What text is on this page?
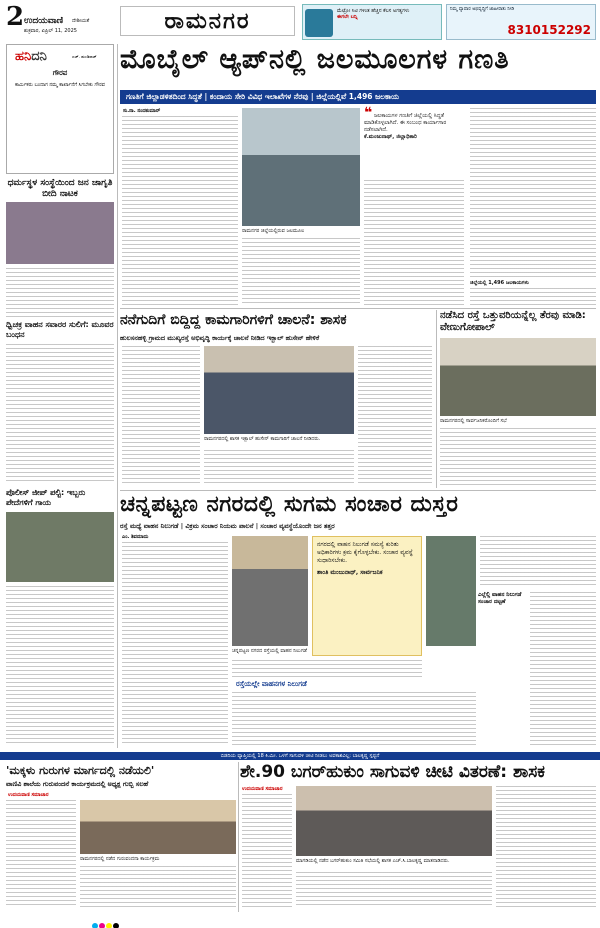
2 ಉದಯವಾಣಿ ದೇಶೀಯತೆ
ಶುಕ್ರವಾರ, ಏಪ್ರಿಲ್ 11, 2025	ರಾಮನಗರ	ಮೆಟ್ರೋ ಸಿಟಿ ಗಳಿಂತ ಹೆಚ್ಚಿನ ಕೆಲಸ ಅಗತ್ಯಗಳು
ಈಗಲೇ ಬನ್ನಿ
ನಿಮ್ಮ ವ್ಯಾಪಾರ ಅಭಿವೃದ್ಧಿಗೆ ಜಾಹೀರಾತು ನೀಡಿ
8310152292
ಹನಿದನಿ	ಎಚ್. ಡುಂಡಿರಾಜ್
ಗೌರವ
ಕಾರ್ಮಿಕರು ಬಂದಾಗ ನಮ್ಮ ಕಾರ್ಖಾನೆಗೆ ಸಿಗಬೇಕು ಗೌರವ
ಧರ್ಮಸ್ಥಳ ಸಂಸ್ಥೆಯಿಂದ ಜನ ಜಾಗೃತಿ ಬೀದಿ ನಾಟಕ
ಧ್ವಿಚಕ್ರ ವಾಹನ ಸವಾರರ ಸುಲಿಗೆ: ಮೂವರ ಬಂಧನ
ಪೊಲೀಸ್ ಜೀಪ್ ಪಲ್ಟಿ: ಇಬ್ಬರು ಪೇದೆಗಳಿಗೆ ಗಾಯ
ಮೊಬೈಲ್ ಆ್ಯಪ್‌ನಲ್ಲಿ ಜಲಮೂಲಗಳ ಗಣತಿ
ಗಣತಿಗೆ ಜಿಲ್ಲಾಡಳಿತದಿಂದ ಸಿದ್ಧತೆ | ಕಂದಾಯ ಸೇರಿ ವಿವಿಧ ಇಲಾಖೆಗಳ ನೆರವು | ಜಿಲ್ಲೆಯಲ್ಲಿವೆ 1,496 ಜಲಕಾಯ
ಸು.ನಾ. ನಂದಕುಮಾರ್
ರಾಮನಗರ ಜಿಲ್ಲೆಯಲ್ಲಿರುವ ಜಲಮೂಲ
❝ ಜಲಕಾಯಗಳ ಗಣತಿಗೆ ಜಿಲ್ಲೆಯಲ್ಲಿ ಸಿದ್ಧತೆ ಮಾಡಿಕೊಳ್ಳಲಾಗಿದೆ. ಈ ಸಂಬಂಧ ಕಾರ್ಯಾಗಾರ ನಡೆಸಲಾಗಿದೆ.
ಕೆ.ಮಂಜುನಾಥ್, ಜಿಲ್ಲಾಧಿಕಾರಿ
ಜಿಲ್ಲೆಯಲ್ಲಿ 1,496 ಜಲಕಾಯಗಳು
ನನೆಗುದಿಗೆ ಬಿದ್ದಿದ್ದ ಕಾಮಗಾರಿಗಳಿಗೆ ಚಾಲನೆ: ಶಾಸಕ
ಹುಲಸನಹಳ್ಳಿ ಗ್ರಾಮದ ಮುಖ್ಯರಸ್ತೆ ಅಭಿವೃದ್ಧಿ ಕಾರ್ಯಕ್ಕೆ ಚಾಲನೆ ನೀಡಿದ ಇಕ್ಬಾಲ್ ಹುಸೇನ್ ಹೇಳಿಕೆ
ರಾಮನಗರದಲ್ಲಿ ಶಾಸಕ ಇಕ್ಬಾಲ್ ಹುಸೇನ್ ಕಾಮಗಾರಿಗೆ ಚಾಲನೆ ನೀಡಿದರು.
ನಡೆಸಿದ ರಸ್ತೆ ಒತ್ತುವರಿಯನ್ನೆಲ್ಲ ತೆರವು ಮಾಡಿ: ವೇಣುಗೋಪಾಲ್
ರಾಮನಗರದಲ್ಲಿ ಸಾರ್ವಜನಿಕರೊಂದಿಗೆ ಸಭೆ
ಚನ್ನಪಟ್ಟಣ ನಗರದಲ್ಲಿ ಸುಗಮ ಸಂಚಾರ ದುಸ್ತರ
ರಸ್ತೆ ಮಧ್ಯೆ ವಾಹನ ನಿಲುಗಡೆ | ವಿಕ್ರಮ ಸಂಚಾರ ನಿಯಮ ಪಾಲನೆ | ಸಂಚಾರ ವ್ಯವಸ್ಥೆಯೊಂದೇ ಜನ ತತ್ತರ
ಎಂ. ಶಿವಮಾದು
ಚನ್ನಪಟ್ಟಣ ನಗರದ ರಸ್ತೆಯಲ್ಲಿ ವಾಹನ ನಿಲುಗಡೆ
ನಗರದಲ್ಲಿ ವಾಹನ ನಿಲುಗಡೆ ಸಮಸ್ಯೆ ಕುರಿತು ಅಧಿಕಾರಿಗಳು ಕ್ರಮ ಕೈಗೊಳ್ಳಬೇಕು. ಸಂಚಾರ ವ್ಯವಸ್ಥೆ ಸುಧಾರಿಸಬೇಕು.
ಶಾಂತಿ ಮಂಜುನಾಥ್, ಸಾರ್ವಜನಿಕ
ಎಲ್ಲೆಲ್ಲಿ ವಾಹನ ನಿಲುಗಡೆ
ಸಂಚಾರ ದಟ್ಟಣೆ
ರಸ್ತೆಯಲ್ಲೇ ವಾಹನಗಳ ನಿಲುಗಡೆ
ಬಿಡದಿಯ ವ್ಯಾಪ್ತಿಯಲ್ಲಿ 18 ಕಿ.ಮೀ. ಒಳಗೆ ಸಾಗುವಳಿ ಚೀಟಿ ನೀಡಲು ಅವಕಾಶವಿಲ್ಲ: ಬಾಲಕೃಷ್ಣ ಸ್ಪಷ್ಟನೆ
'ಮಕ್ಕಳು ಗುರುಗಳ ಮಾರ್ಗದಲ್ಲಿ ನಡೆಯಲಿ'
ವಾಣಿವಿ ಶಾಲೆಯ ಗುರುವಂದನೆ ಕಾರ್ಯಕ್ರಮದಲ್ಲಿ ಅಧ್ಯಕ್ಷ ಗುಬ್ಬಿ ಸಲಹೆ
ಉದಯವಾಣಿ ಸಮಾಚಾರ
ರಾಮನಗರದಲ್ಲಿ ನಡೆದ ಗುರುವಂದನಾ ಕಾರ್ಯಕ್ರಮ
ಶೇ.90 ಬಗರ್‌ಹುಕುಂ ಸಾಗುವಳಿ ಚೀಟಿ ವಿತರಣೆ: ಶಾಸಕ
ಉದಯವಾಣಿ ಸಮಾಚಾರ
ಮಾಗಡಿಯಲ್ಲಿ ನಡೆದ ಬಗರ್‌ಹುಕುಂ ಸಮಿತಿ ಸಭೆಯಲ್ಲಿ ಶಾಸಕ ಎಚ್.ಸಿ.ಬಾಲಕೃಷ್ಣ ಮಾತನಾಡಿದರು.
